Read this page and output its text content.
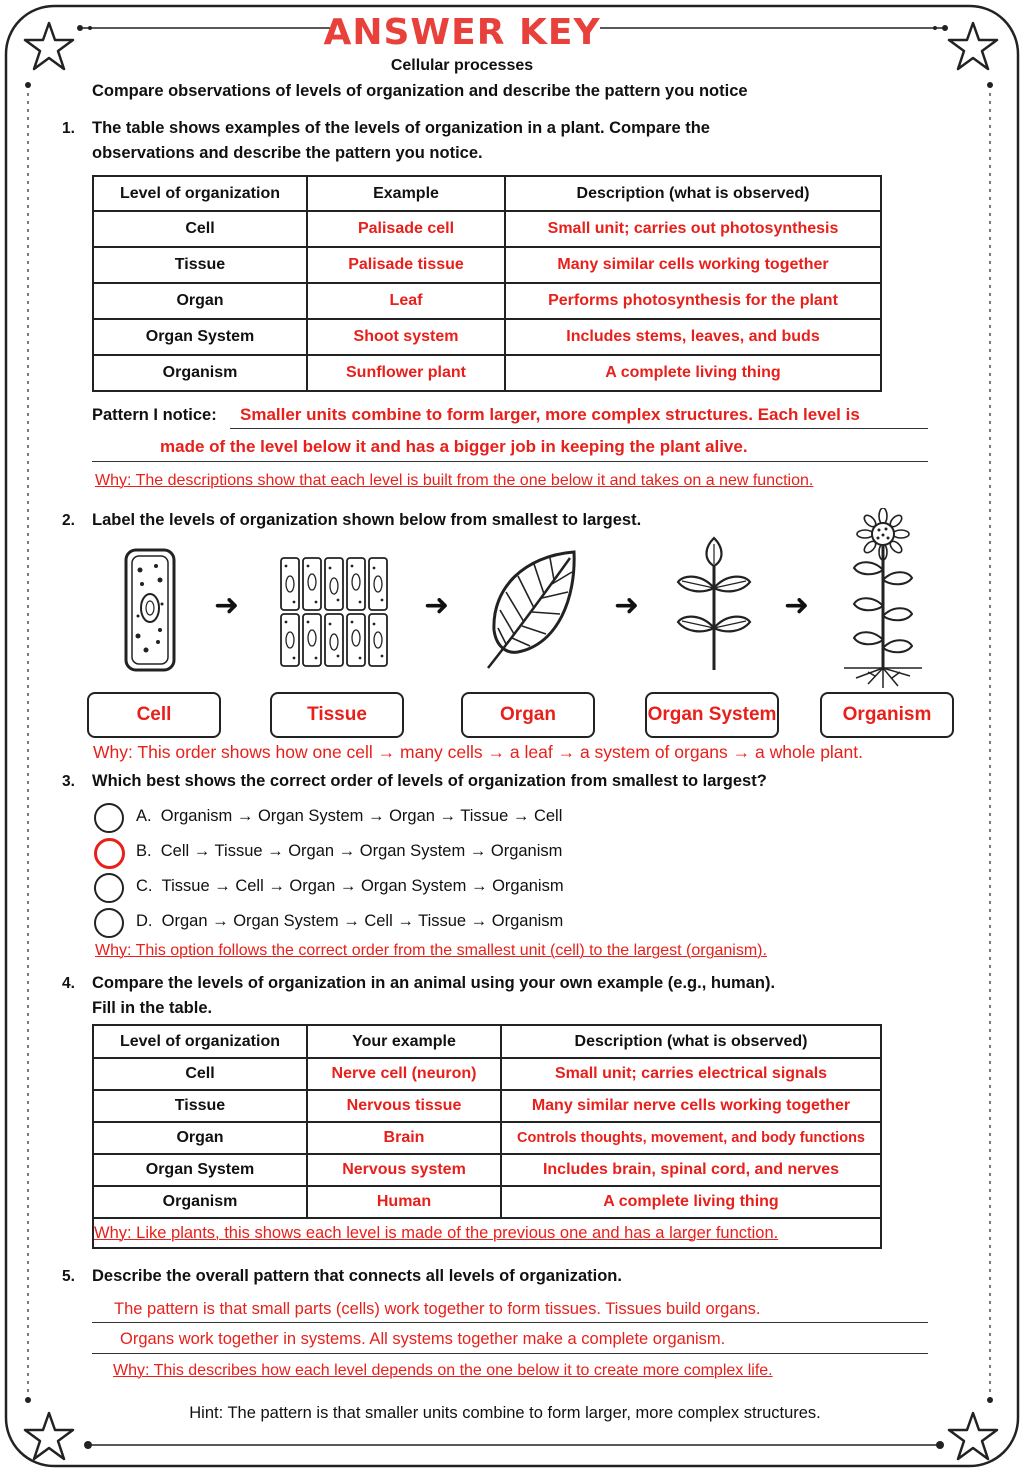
ANSWER KEY
Cellular processes
Compare observations of levels of organization and describe the pattern you notice
1. The table shows examples of the levels of organization in a plant. Compare the
observations and describe the pattern you notice.
Level of organization	Example	Description (what is observed)
Cell	Palisade cell	Small unit; carries out photosynthesis
Tissue	Palisade tissue	Many similar cells working together
Organ	Leaf	Performs photosynthesis for the plant
Organ System	Shoot system	Includes stems, leaves, and buds
Organism	Sunflower plant	A complete living thing
Pattern I notice: Smaller units combine to form larger, more complex structures. Each level is
made of the level below it and has a bigger job in keeping the plant alive.
Why: The descriptions show that each level is built from the one below it and takes on a new function.
2. Label the levels of organization shown below from smallest to largest.
➜	➜	➜	➜
Cell	Tissue	Organ	Organ System	Organism
Why: This order shows how one cell → many cells → a leaf → a system of organs → a whole plant.
3. Which best shows the correct order of levels of organization from smallest to largest?
A. Organism → Organ System → Organ → Tissue → Cell
B. Cell → Tissue → Organ → Organ System → Organism
C. Tissue → Cell → Organ → Organ System → Organism
D. Organ → Organ System → Cell → Tissue → Organism
Why: This option follows the correct order from the smallest unit (cell) to the largest (organism).
4. Compare the levels of organization in an animal using your own example (e.g., human).
Fill in the table.
Level of organization	Your example	Description (what is observed)
Cell	Nerve cell (neuron)	Small unit; carries electrical signals
Tissue	Nervous tissue	Many similar nerve cells working together
Organ	Brain	Controls thoughts, movement, and body functions
Organ System	Nervous system	Includes brain, spinal cord, and nerves
Organism	Human	A complete living thing
Why: Like plants, this shows each level is made of the previous one and has a larger function.		
5. Describe the overall pattern that connects all levels of organization.
The pattern is that small parts (cells) work together to form tissues. Tissues build organs.
Organs work together in systems. All systems together make a complete organism.
Why: This describes how each level depends on the one below it to create more complex life.
Hint: The pattern is that smaller units combine to form larger, more complex structures.
